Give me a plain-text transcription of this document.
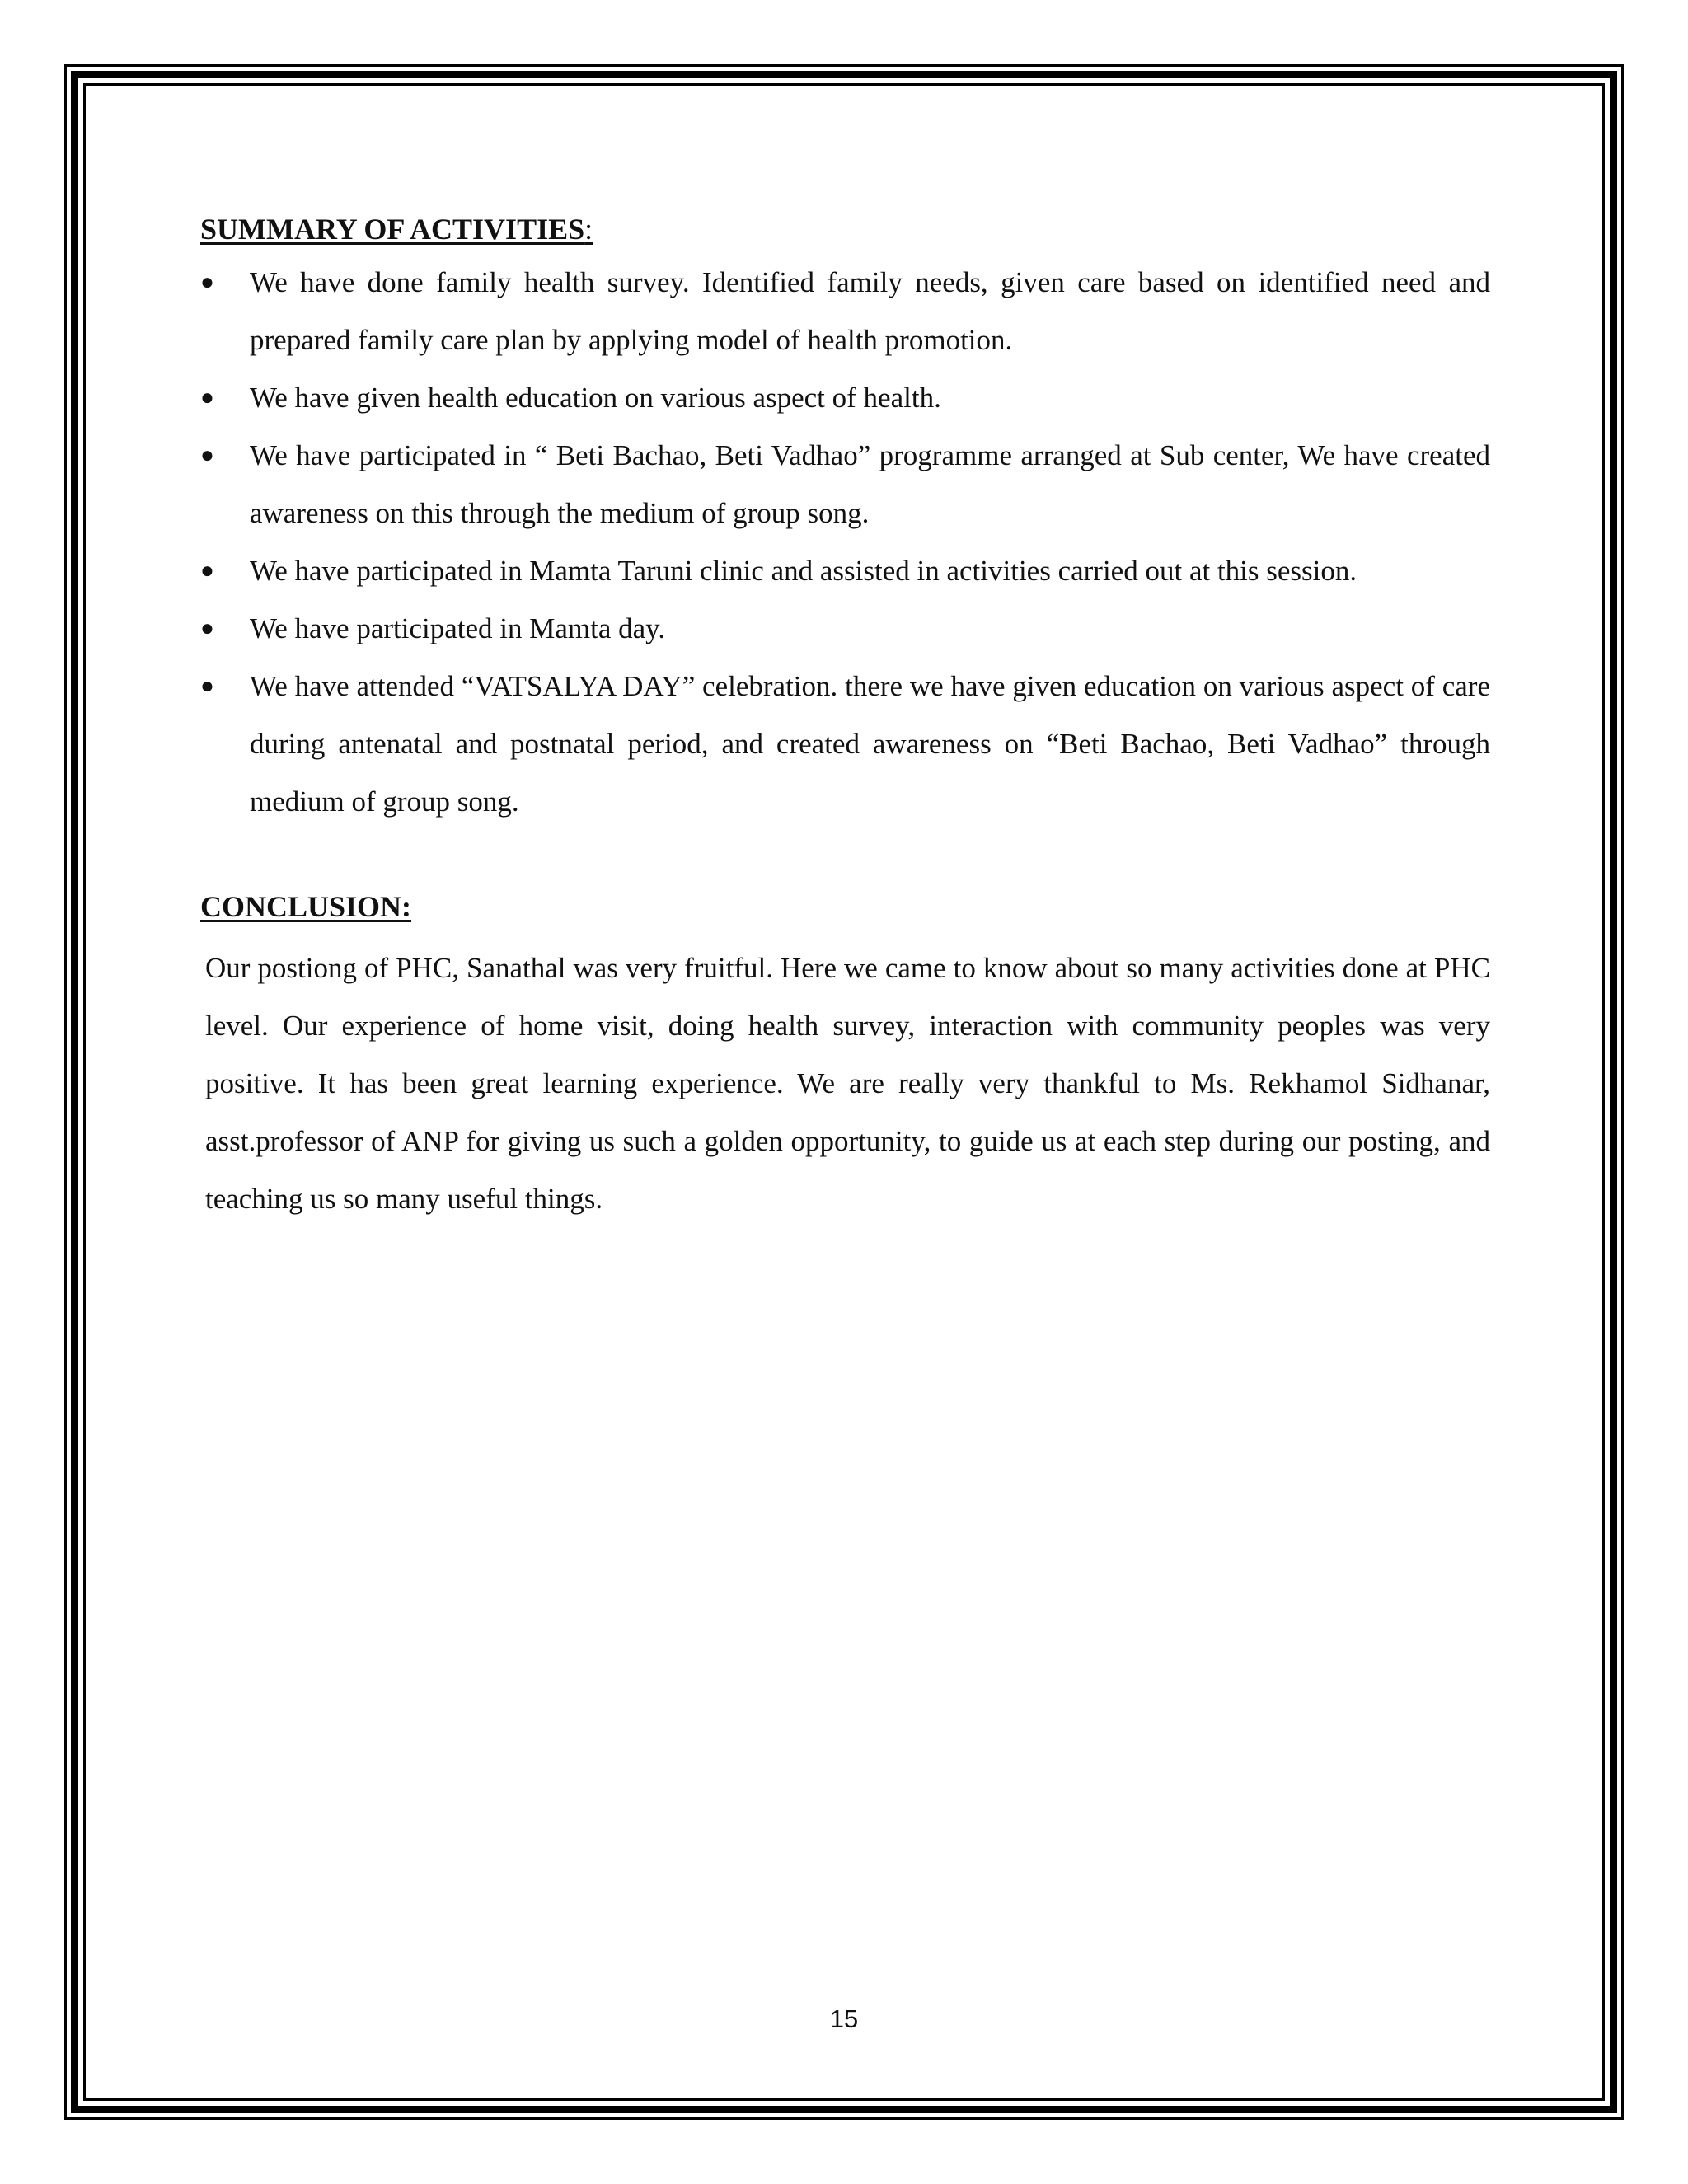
SUMMARY OF ACTIVITIES:

● We have done family health survey. Identified family needs, given care based on identified need and prepared family care plan by applying model of health promotion.
● We have given health education on various aspect of health.
● We have participated in “ Beti Bachao, Beti Vadhao” programme arranged at Sub center, We have created awareness on this through the medium of group song.
● We have participated in Mamta Taruni clinic and assisted in activities carried out at this session.
● We have participated in Mamta day.
● We have attended “VATSALYA DAY” celebration. there we have given education on various aspect of care during antenatal and postnatal period, and created awareness on “Beti Bachao, Beti Vadhao” through medium of group song.

CONCLUSION:

Our postiong of PHC, Sanathal was very fruitful. Here we came to know about so many activities done at PHC level. Our experience of home visit, doing health survey, interaction with community peoples was very positive. It has been great learning experience. We are really very thankful to Ms. Rekhamol Sidhanar, asst.professor of ANP for giving us such a golden opportunity, to guide us at each step during our posting, and teaching us so many useful things.

15
